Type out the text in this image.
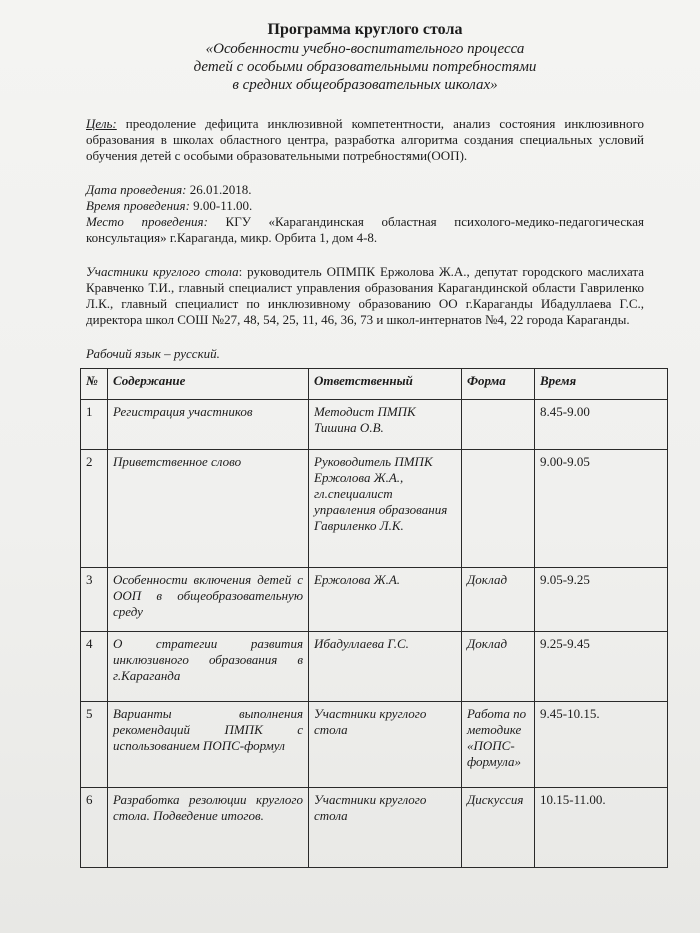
Программа круглого стола
«Особенности учебно-воспитательного процесса
детей с особыми образовательными потребностями
в средних общеобразовательных школах»
Цель: преодоление дефицита инклюзивной компетентности, анализ состояния инклюзивного образования в школах областного центра, разработка алгоритма создания специальных условий обучения детей с особыми образовательными потребностями(ООП).
Дата проведения: 26.01.2018.
Время проведения: 9.00-11.00.
Место проведения: КГУ «Карагандинская областная психолого-медико-педагогическая консультация» г.Караганда, микр. Орбита 1, дом 4-8.
Участники круглого стола: руководитель ОПМПК Ержолова Ж.А., депутат городского маслихата Кравченко Т.И., главный специалист управления образования Карагандинской области Гавриленко Л.К., главный специалист по инклюзивному образованию ОО г.Караганды Ибадуллаева Г.С., директора школ СОШ №27, 48, 54, 25, 11, 46, 36, 73 и школ-интернатов №4, 22 города Караганды.
Рабочий язык – русский.
№	Содержание	Ответственный	Форма	Время
1	Регистрация участников	Методист ПМПК Тишина О.В.		8.45-9.00
2	Приветственное слово	Руководитель ПМПК Ержолова Ж.А., гл.специалист управления образования Гавриленко Л.К.		9.00-9.05
3	Особенности включения детей с ООП в общеобразовательную среду	Ержолова Ж.А.	Доклад	9.05-9.25
4	О стратегии развития инклюзивного образования в г.Караганда	Ибадуллаева Г.С.	Доклад	9.25-9.45
5	Варианты выполнения рекомендаций ПМПК с использованием ПОПС-формул	Участники круглого стола	Работа по методике «ПОПС-формула»	9.45-10.15.
6	Разработка резолюции круглого стола. Подведение итогов.	Участники круглого стола	Дискуссия	10.15-11.00.
